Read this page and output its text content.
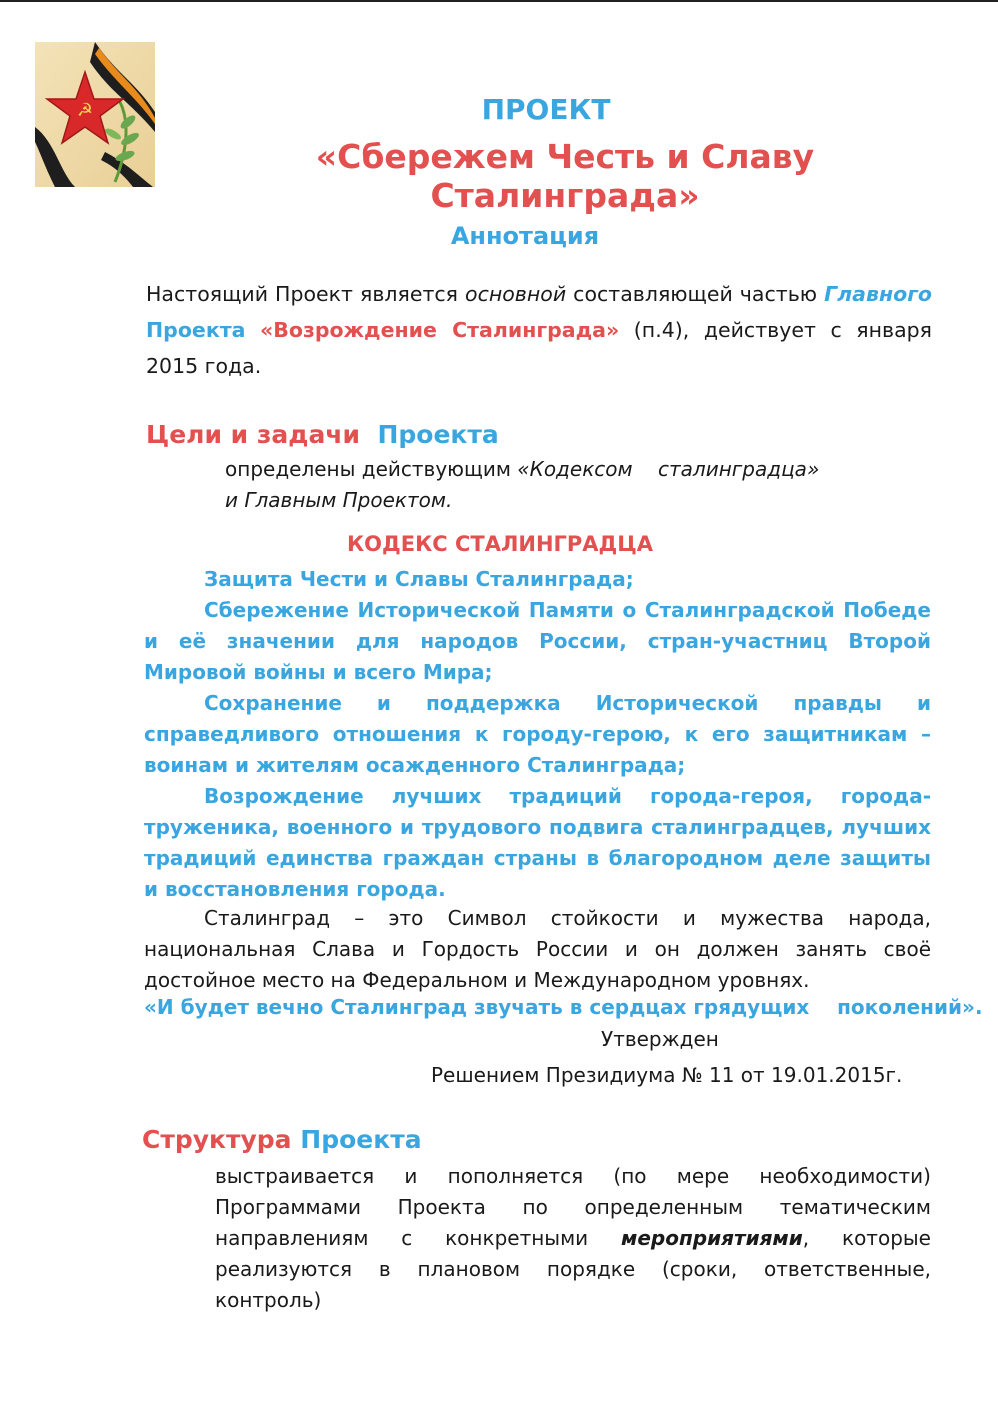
☭	ПРОЕКТ
«Сбережем Честь и Славу Сталинграда»
Аннотация
Настоящий Проект является основной составляющей частью Главного Проекта «Возрождение Сталинграда» (п.4), действует с января 2015 года.
Цели и задачи Проекта
определены действующим «Кодексом    сталинградца»
и Главным Проектом.
КОДЕКС СТАЛИНГРАДЦА

Защита Чести и Славы Сталинграда;

Сбережение Исторической Памяти о Сталинградской Победе и её значении для народов России, стран-участниц Второй Мировой войны и всего Мира;

Сохранение и поддержка Исторической правды и справедливого отношения к городу-герою, к его защитникам – воинам и жителям осажденного Сталинграда;

Возрождение лучших традиций города-героя, города-труженика, военного и трудового подвига сталинградцев, лучших традиций единства граждан страны в благородном деле защиты и восстановления города.

Сталинград – это Символ стойкости и мужества народа, национальная Слава и Гордость России и он должен занять своё достойное место на Федеральном и Международном уровнях.

«И будет вечно Сталинград звучать в сердцах грядущих    поколений».
Утвержден
Решением Президиума № 11 от 19.01.2015г.
Структура Проекта
выстраивается и пополняется (по мере необходимости) Программами Проекта по определенным тематическим направлениям с конкретными мероприятиями, которые реализуются в плановом порядке (сроки, ответственные, контроль)
